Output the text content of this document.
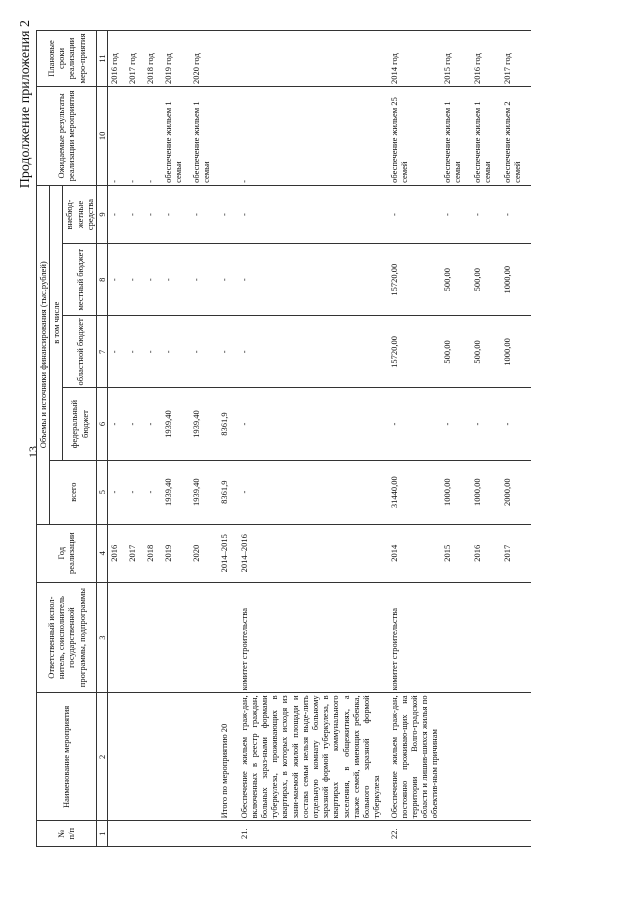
13
Продолжение приложения 2
№
п/п	Наименование мероприятия	Ответственный испол-нитель, соисполнитель государственной программы, подпрограммы	Год реализации	Объемы и источники финансирования (тыс.рублей)					Ожидаемые результаты реализации мероприятия	Плановые сроки реализации меро-приятия
				всего	в том числе					
					федеральный бюджет	областной бюджет	местный бюджет	внебюд-жетные средства		
1	2	3	4	5	6	7	8	9	10	11
			2016	-	-	-	-	-	-	2016 год
			2017	-	-	-	-	-	-	2017 год
			2018	-	-	-	-	-	-	2018 год
			2019	1939,40	1939,40	-	-	-	обеспечение жильем 1 семьи	2019 год
			2020	1939,40	1939,40	-	-	-	обеспечение жильем 1 семьи	2020 год
	Итого по мероприятию 20		2014–2015	8361,9	8361,9	-	-	-		
21.	Обеспечение жильем граж-дан, включенных в реестр граждан, больных зараз-ными формами туберкулеза, проживающих в квартирах, в которых исходя из зани-маемой жилой площади и состава семьи нельзя выде-лить отдельную комнату больному заразной формой туберкулеза, в квартирах коммунального заселения, в общежитиях, а также семей, имеющих ребенка, больного заразной формой туберкулеза	комитет строительства	2014–2016	-	-	-	-	-	-	
22.	Обеспечение жильем граж-дан, постоянно проживаю-щих на территории Волго-градской области и лишив-шихся жилья по объектив-ным причинам	комитет строительства	2014	31440,00	-	15720,00	15720,00	-	обеспечение жильем 25 семей	2014 год
			2015	1000,00	-	500,00	500,00	-	обеспечение жильем 1 семьи	2015 год
			2016	1000,00	-	500,00	500,00	-	обеспечение жильем 1 семьи	2016 год
			2017	2000,00	-	1000,00	1000,00	-	обеспечение жильем 2 семей	2017 год
